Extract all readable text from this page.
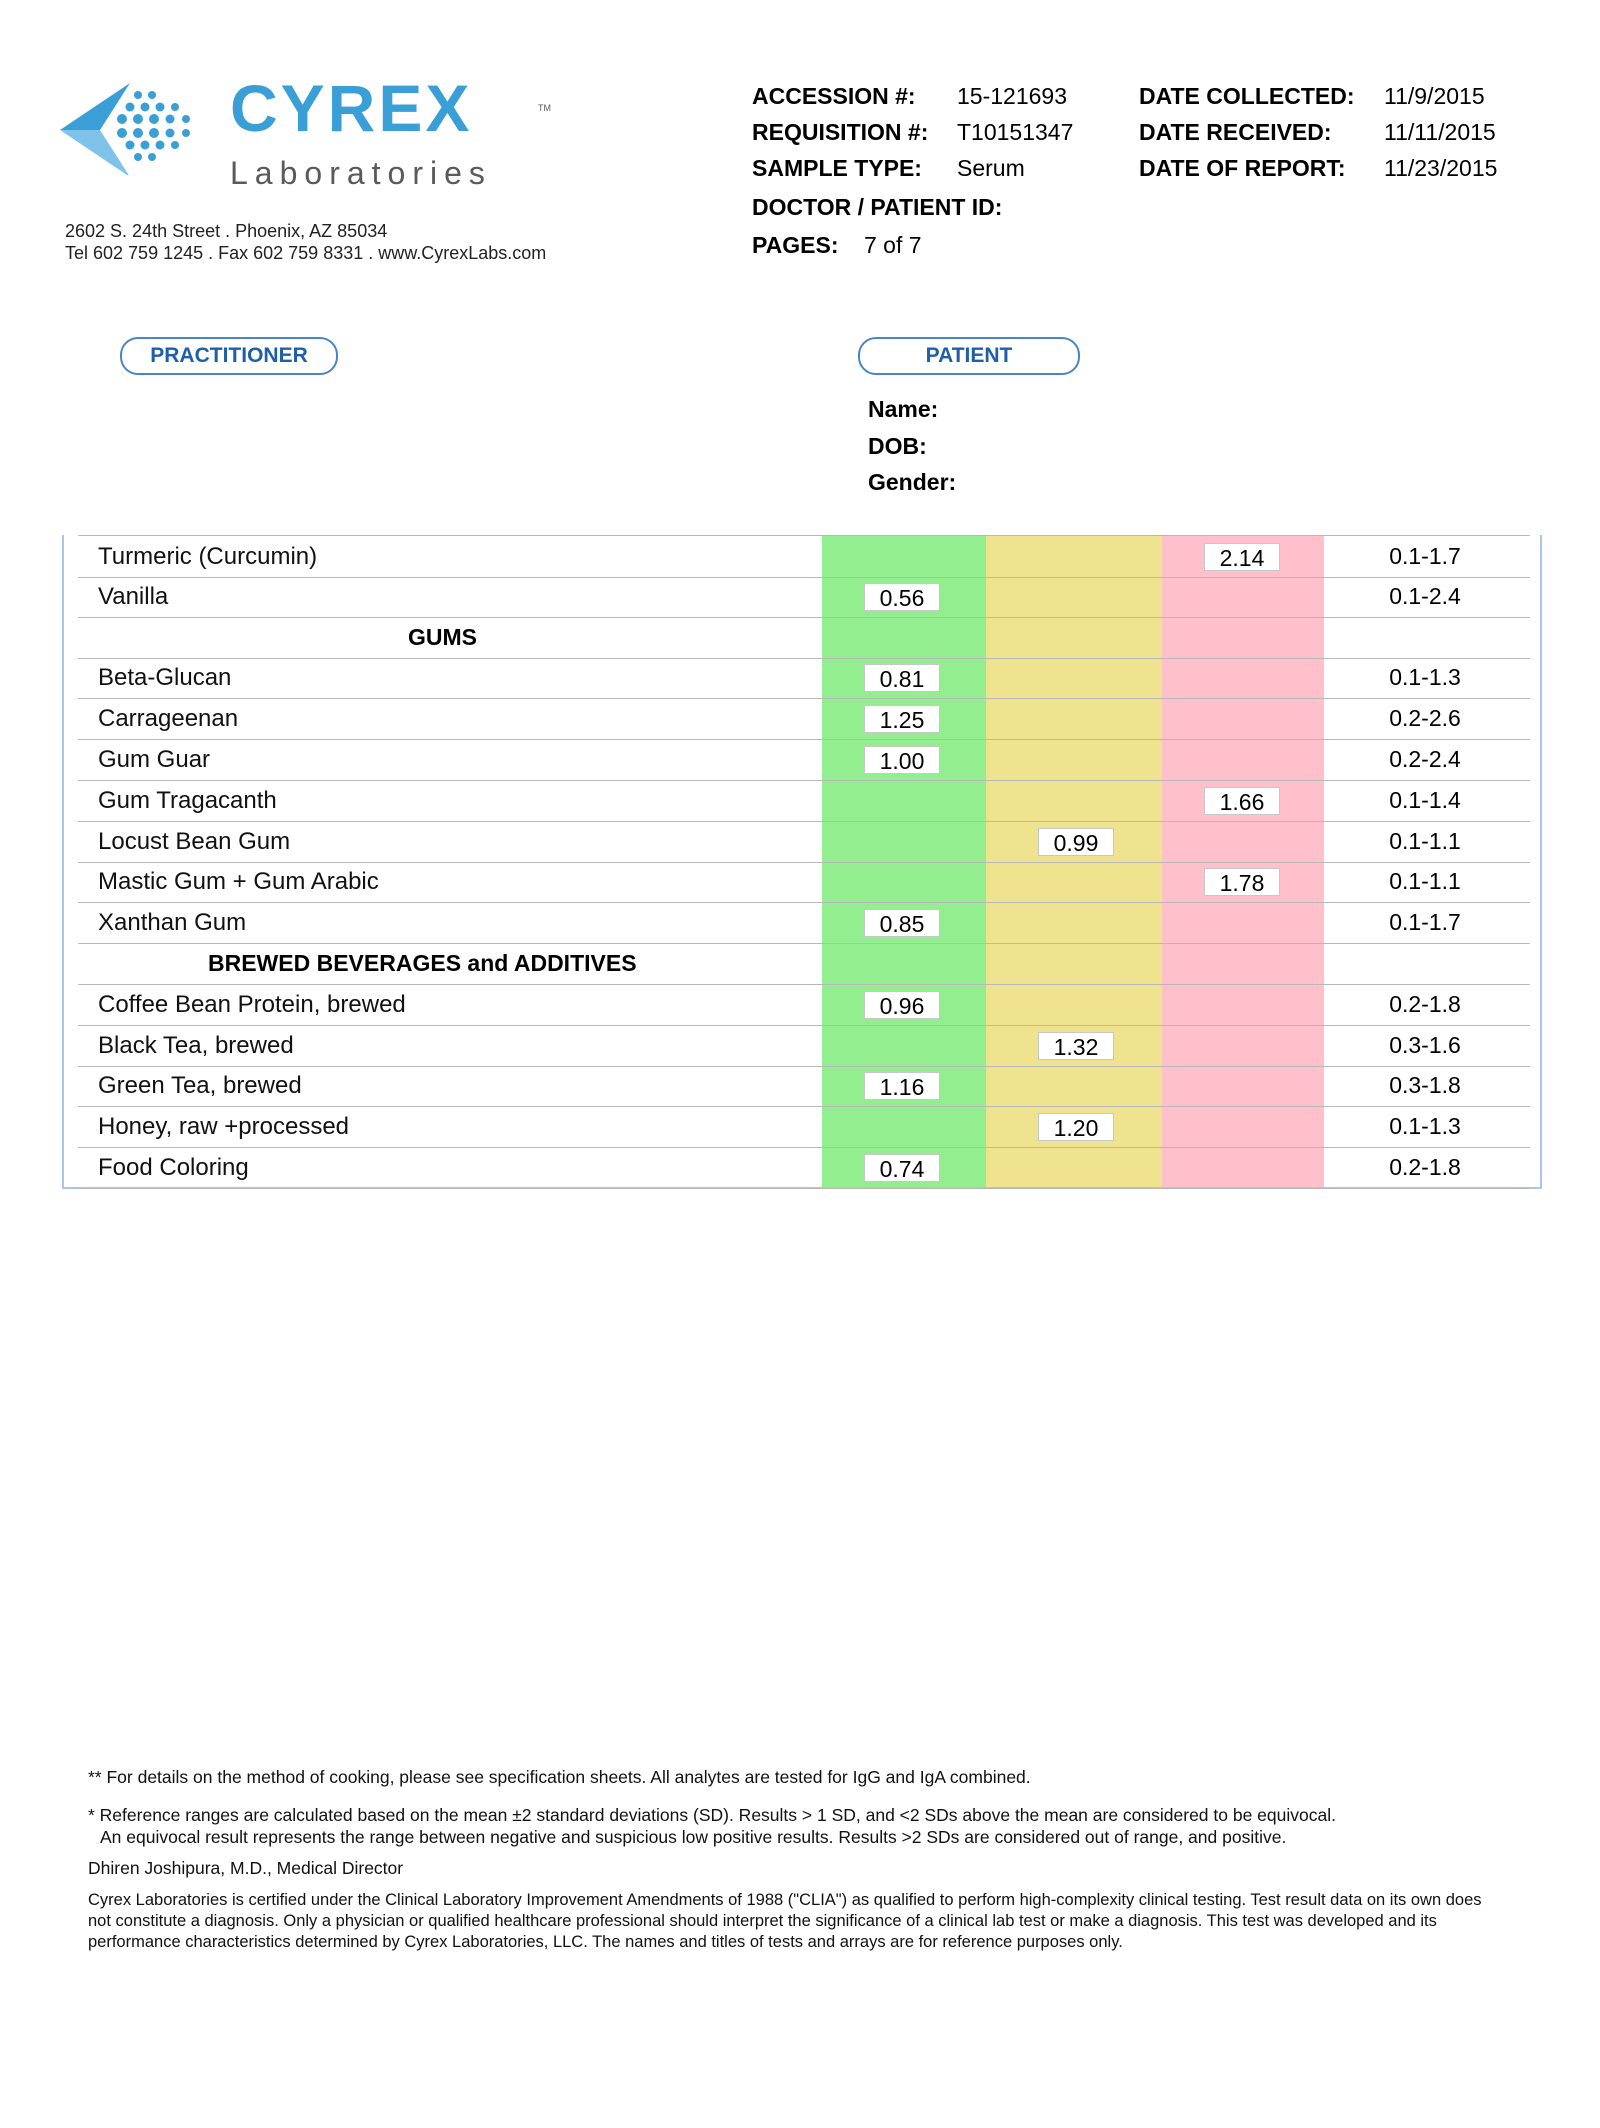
CYREX	TM
Laboratories
2602 S. 24th Street . Phoenix, AZ 85034
Tel 602 759 1245 . Fax 602 759 8331 . www.CyrexLabs.com
ACCESSION #: 15-121693
REQUISITION #: T10151347
SAMPLE TYPE: Serum
DOCTOR / PATIENT ID:
PAGES: 7 of 7
DATE COLLECTED: 11/9/2015
DATE RECEIVED: 11/11/2015
DATE OF REPORT: 11/23/2015
PRACTITIONER	PATIENT
Name:
DOB:
Gender:
Turmeric (Curcumin)	2.14	0.1-1.7
Vanilla	0.56	0.1-2.4
GUMS
Beta-Glucan	0.81	0.1-1.3
Carrageenan	1.25	0.2-2.6
Gum Guar	1.00	0.2-2.4
Gum Tragacanth	1.66	0.1-1.4
Locust Bean Gum	0.99	0.1-1.1
Mastic Gum + Gum Arabic	1.78	0.1-1.1
Xanthan Gum	0.85	0.1-1.7
BREWED BEVERAGES and ADDITIVES
Coffee Bean Protein, brewed	0.96	0.2-1.8
Black Tea, brewed	1.32	0.3-1.6
Green Tea, brewed	1.16	0.3-1.8
Honey, raw +processed	1.20	0.1-1.3
Food Coloring	0.74	0.2-1.8
** For details on the method of cooking, please see specification sheets. All analytes are tested for IgG and IgA combined.
* Reference ranges are calculated based on the mean ±2 standard deviations (SD). Results > 1 SD, and <2 SDs above the mean are considered to be equivocal.
An equivocal result represents the range between negative and suspicious low positive results. Results >2 SDs are considered out of range, and positive.
Dhiren Joshipura, M.D., Medical Director
Cyrex Laboratories is certified under the Clinical Laboratory Improvement Amendments of 1988 ("CLIA") as qualified to perform high-complexity clinical testing. Test result data on its own does not constitute a diagnosis. Only a physician or qualified healthcare professional should interpret the significance of a clinical lab test or make a diagnosis. This test was developed and its performance characteristics determined by Cyrex Laboratories, LLC. The names and titles of tests and arrays are for reference purposes only.
